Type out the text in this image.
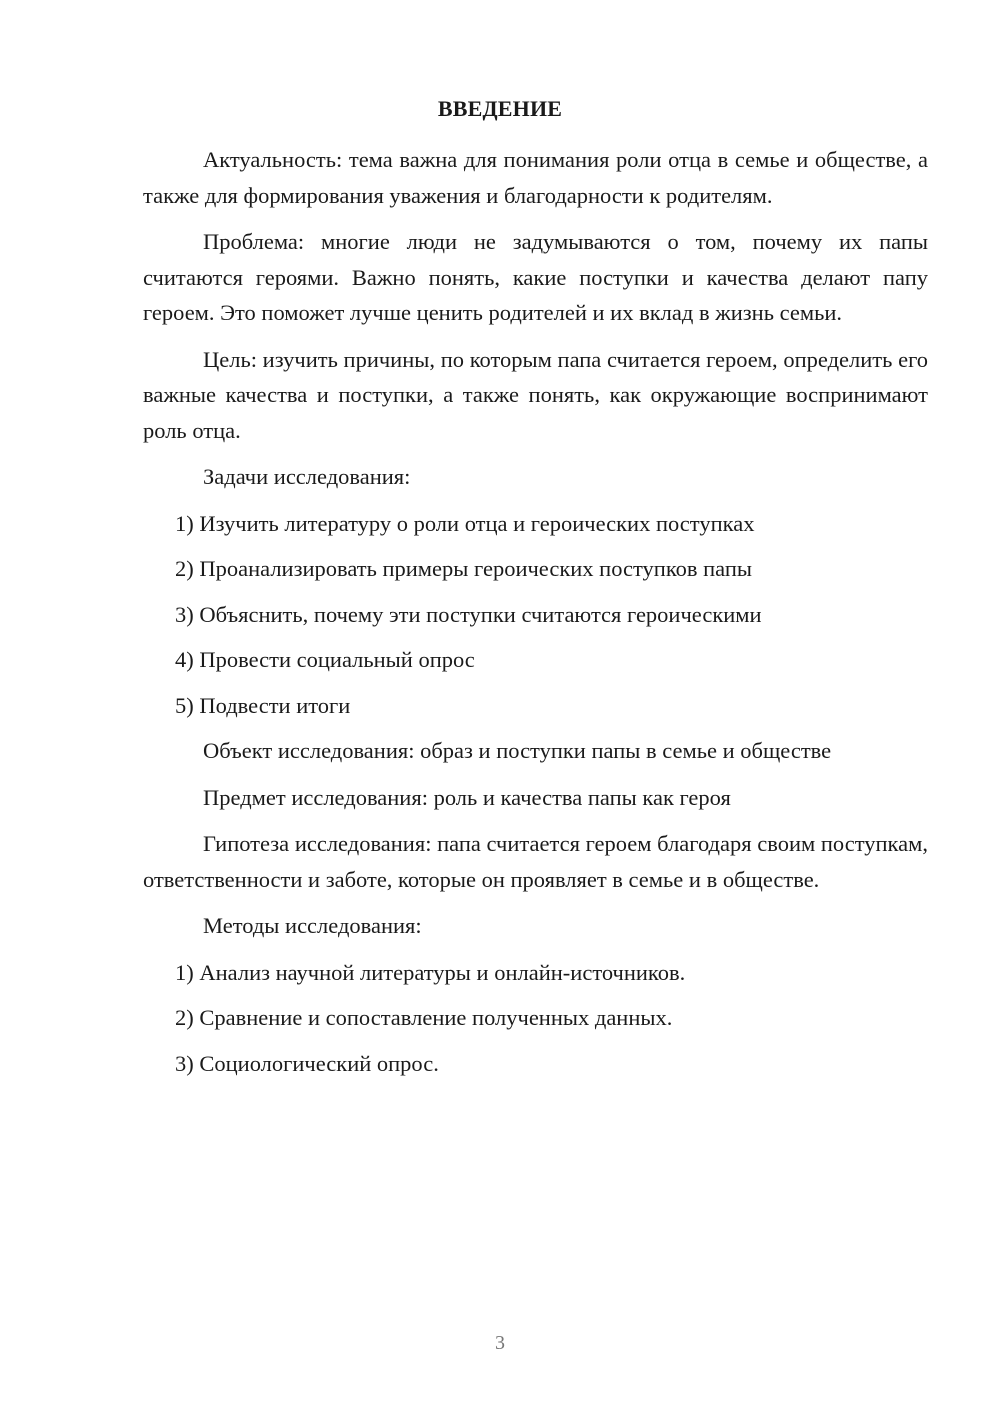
ВВЕДЕНИЕ

Актуальность: тема важна для понимания роли отца в семье и обществе, а также для формирования уважения и благодарности к родителям.

Проблема: многие люди не задумываются о том, почему их папы считаются героями. Важно понять, какие поступки и качества делают папу героем. Это поможет лучше ценить родителей и их вклад в жизнь семьи.

Цель: изучить причины, по которым папа считается героем, определить его важные качества и поступки, а также понять, как окружающие воспринимают роль отца.

Задачи исследования:

1) Изучить литературу о роли отца и героических поступках

2) Проанализировать примеры героических поступков папы

3) Объяснить, почему эти поступки считаются героическими

4) Провести социальный опрос

5) Подвести итоги

Объект исследования: образ и поступки папы в семье и обществе

Предмет исследования: роль и качества папы как героя

Гипотеза исследования: папа считается героем благодаря своим поступкам, ответственности и заботе, которые он проявляет в семье и в обществе.

Методы исследования:

1) Анализ научной литературы и онлайн-источников.

2) Сравнение и сопоставление полученных данных.

3) Социологический опрос.

3
